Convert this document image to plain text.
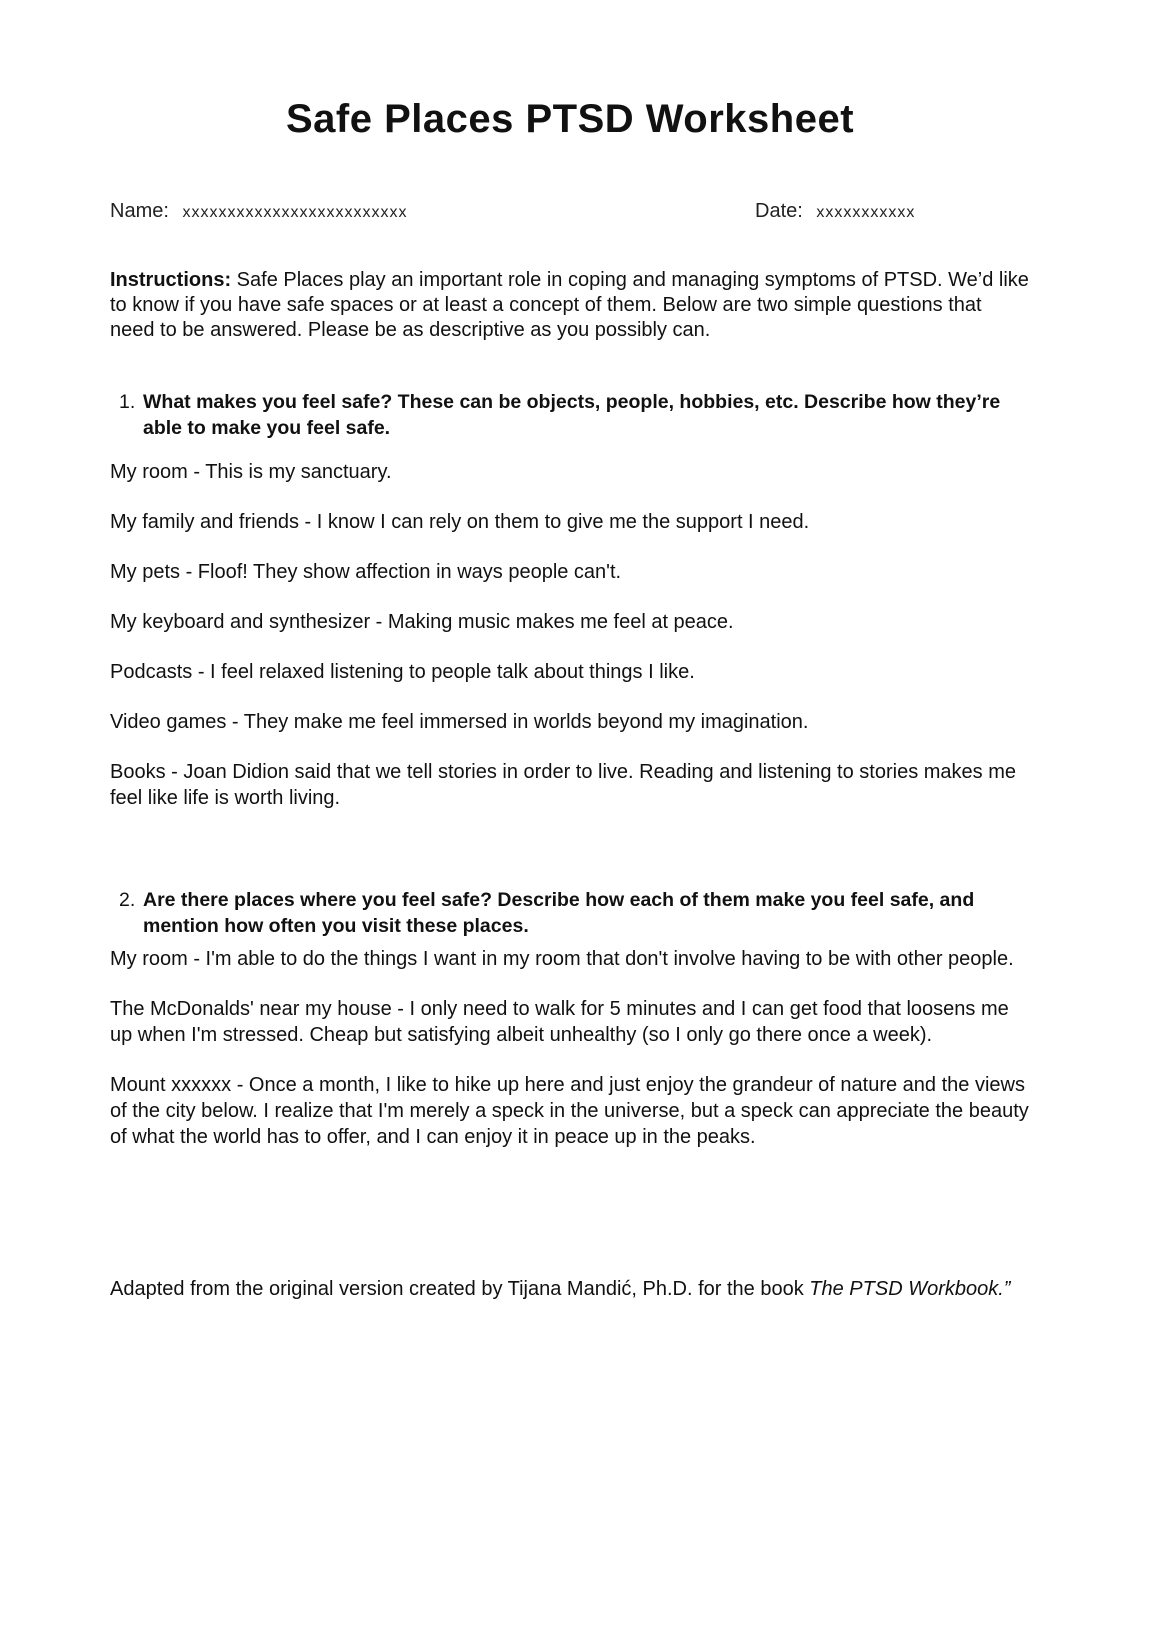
Safe Places PTSD Worksheet
Name: xxxxxxxxxxxxxxxxxxxxxxxxx	Date: xxxxxxxxxxx

Instructions: Safe Places play an important role in coping and managing symptoms of PTSD. We’d like to know if you have safe spaces or at least a concept of them. Below are two simple questions that need to be answered. Please be as descriptive as you possibly can.

1. What makes you feel safe? These can be objects, people, hobbies, etc. Describe how they’re able to make you feel safe.

My room - This is my sanctuary.

My family and friends - I know I can rely on them to give me the support I need.

My pets - Floof! They show affection in ways people can't.

My keyboard and synthesizer - Making music makes me feel at peace.

Podcasts - I feel relaxed listening to people talk about things I like.

Video games - They make me feel immersed in worlds beyond my imagination.

Books - Joan Didion said that we tell stories in order to live. Reading and listening to stories makes me feel like life is worth living.

2. Are there places where you feel safe? Describe how each of them make you feel safe, and mention how often you visit these places.

My room - I'm able to do the things I want in my room that don't involve having to be with other people.

The McDonalds' near my house - I only need to walk for 5 minutes and I can get food that loosens me up when I'm stressed. Cheap but satisfying albeit unhealthy (so I only go there once a week).

Mount xxxxxx - Once a month, I like to hike up here and just enjoy the grandeur of nature and the views of the city below. I realize that I'm merely a speck in the universe, but a speck can appreciate the beauty of what the world has to offer, and I can enjoy it in peace up in the peaks.

Adapted from the original version created by Tijana Mandić, Ph.D. for the book The PTSD Workbook.”
